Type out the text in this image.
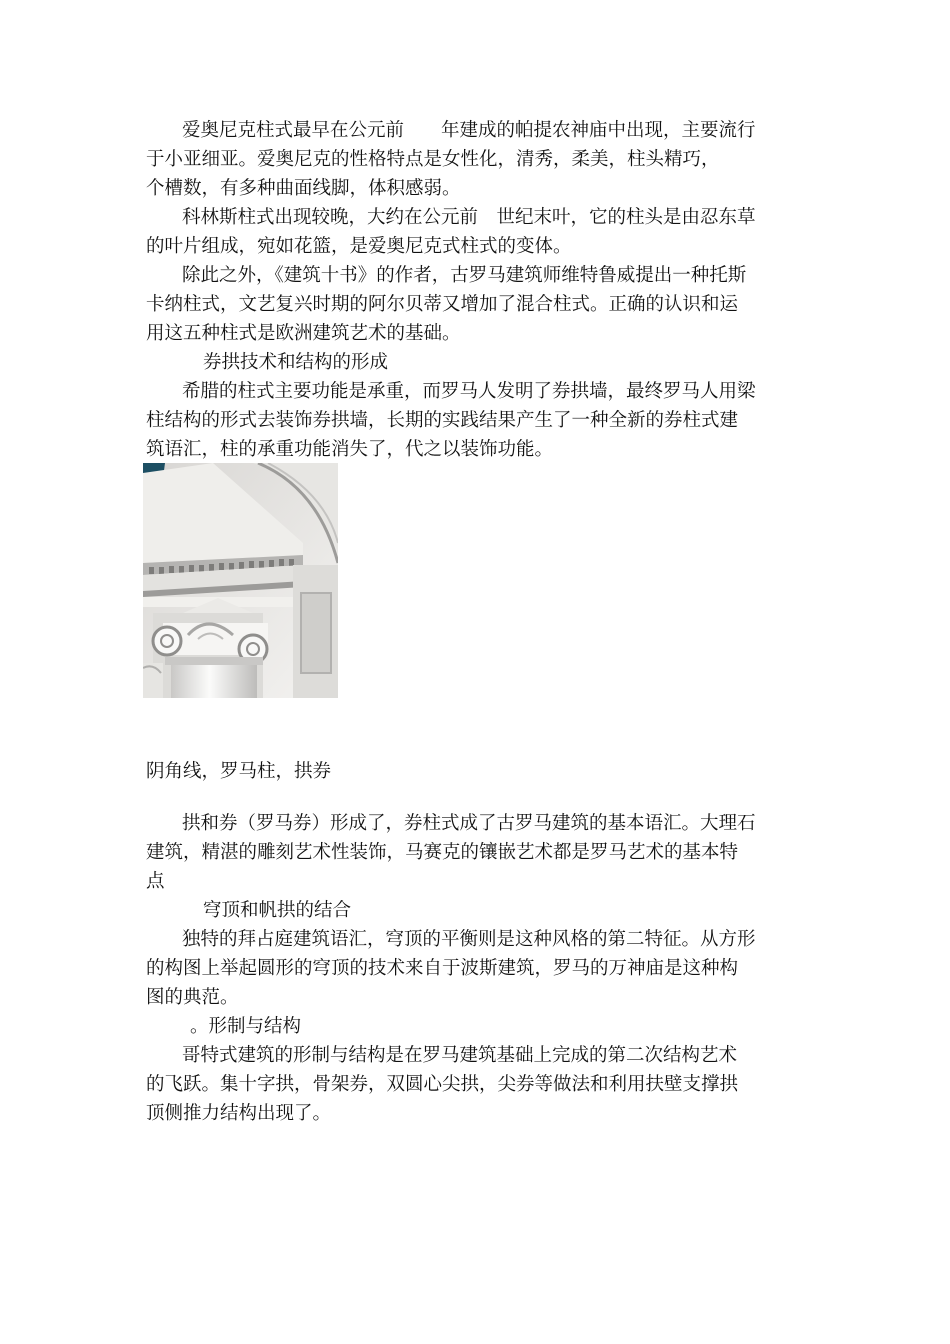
爱奥尼克柱式最早在公元前　　年建成的帕提农神庙中出现，主要流行
于小亚细亚。爱奥尼克的性格特点是女性化，清秀，柔美，柱头精巧，
个槽数，有多种曲面线脚，体积感弱。
科林斯柱式出现较晚，大约在公元前　世纪末叶，它的柱头是由忍东草
的叶片组成，宛如花篮，是爱奥尼克式柱式的变体。
除此之外，《建筑十书》的作者，古罗马建筑师维特鲁威提出一种托斯
卡纳柱式，文艺复兴时期的阿尔贝蒂又增加了混合柱式。正确的认识和运
用这五种柱式是欧洲建筑艺术的基础。
券拱技术和结构的形成
希腊的柱式主要功能是承重，而罗马人发明了券拱墙，最终罗马人用梁
柱结构的形式去装饰券拱墙，长期的实践结果产生了一种全新的券柱式建
筑语汇，柱的承重功能消失了，代之以装饰功能。
阴角线，罗马柱，拱券
拱和券（罗马券）形成了，券柱式成了古罗马建筑的基本语汇。大理石
建筑，精湛的雕刻艺术性装饰，马赛克的镶嵌艺术都是罗马艺术的基本特
点
穹顶和帆拱的结合
独特的拜占庭建筑语汇，穹顶的平衡则是这种风格的第二特征。从方形
的构图上举起圆形的穹顶的技术来自于波斯建筑，罗马的万神庙是这种构
图的典范。
。形制与结构
哥特式建筑的形制与结构是在罗马建筑基础上完成的第二次结构艺术
的飞跃。集十字拱，骨架券，双圆心尖拱，尖券等做法和利用扶壁支撑拱
顶侧推力结构出现了。
